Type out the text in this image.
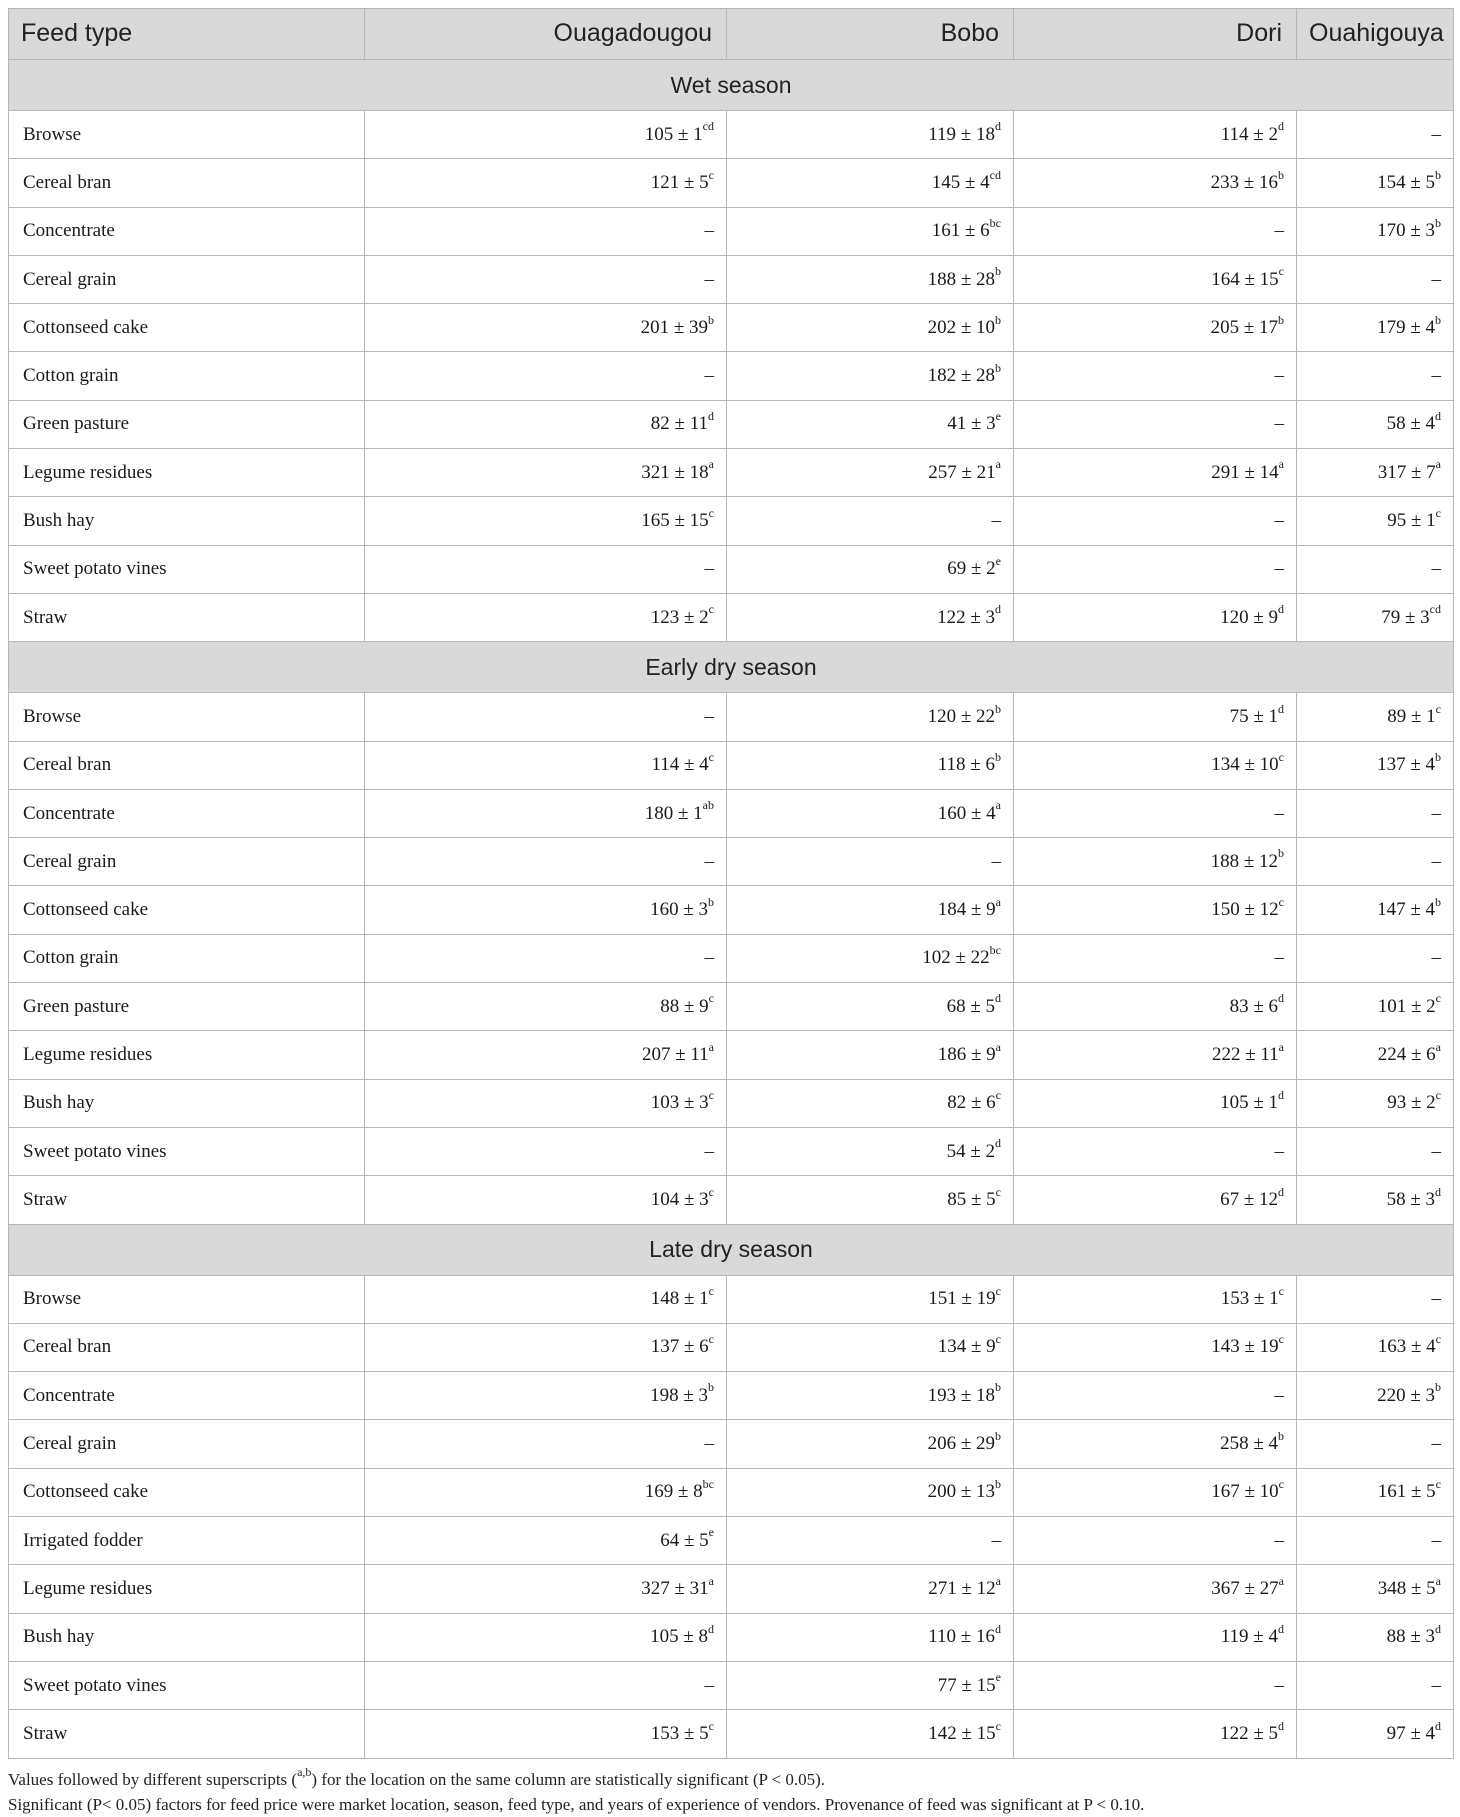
Feed type	Ouagadougou	Bobo	Dori	Ouahigouya
Wet season				
Browse	$105 \pm 1^{cd}$	$119 \pm 18^d$	$114 \pm 2^d$	–
Cereal bran	$121 \pm 5^c$	$145 \pm 4^{cd}$	$233 \pm 16^b$	$154 \pm 5^b$
Concentrate	–	$161 \pm 6^{bc}$	–	$170 \pm 3^b$
Cereal grain	–	$188 \pm 28^b$	$164 \pm 15^c$	–
Cottonseed cake	$201 \pm 39^b$	$202 \pm 10^b$	$205 \pm 17^b$	$179 \pm 4^b$
Cotton grain	–	$182 \pm 28^b$	–	–
Green pasture	$82 \pm 11^d$	$41 \pm 3^e$	–	$58 \pm 4^d$
Legume residues	$321 \pm 18^a$	$257 \pm 21^a$	$291 \pm 14^a$	$317 \pm 7^a$
Bush hay	$165 \pm 15^c$	–	–	$95 \pm 1^c$
Sweet potato vines	–	$69 \pm 2^e$	–	–
Straw	$123 \pm 2^c$	$122 \pm 3^d$	$120 \pm 9^d$	$79 \pm 3^{cd}$
Early dry season				
Browse	–	$120 \pm 22^b$	$75 \pm 1^d$	$89 \pm 1^c$
Cereal bran	$114 \pm 4^c$	$118 \pm 6^b$	$134 \pm 10^c$	$137 \pm 4^b$
Concentrate	$180 \pm 1^{ab}$	$160 \pm 4^a$	–	–
Cereal grain	–	–	$188 \pm 12^b$	–
Cottonseed cake	$160 \pm 3^b$	$184 \pm 9^a$	$150 \pm 12^c$	$147 \pm 4^b$
Cotton grain	–	$102 \pm 22^{bc}$	–	–
Green pasture	$88 \pm 9^c$	$68 \pm 5^d$	$83 \pm 6^d$	$101 \pm 2^c$
Legume residues	$207 \pm 11^a$	$186 \pm 9^a$	$222 \pm 11^a$	$224 \pm 6^a$
Bush hay	$103 \pm 3^c$	$82 \pm 6^c$	$105 \pm 1^d$	$93 \pm 2^c$
Sweet potato vines	–	$54 \pm 2^d$	–	–
Straw	$104 \pm 3^c$	$85 \pm 5^c$	$67 \pm 12^d$	$58 \pm 3^d$
Late dry season				
Browse	$148 \pm 1^c$	$151 \pm 19^c$	$153 \pm 1^c$	–
Cereal bran	$137 \pm 6^c$	$134 \pm 9^c$	$143 \pm 19^c$	$163 \pm 4^c$
Concentrate	$198 \pm 3^b$	$193 \pm 18^b$	–	$220 \pm 3^b$
Cereal grain	–	$206 \pm 29^b$	$258 \pm 4^b$	–
Cottonseed cake	$169 \pm 8^{bc}$	$200 \pm 13^b$	$167 \pm 10^c$	$161 \pm 5^c$
Irrigated fodder	$64 \pm 5^e$	–	–	–
Legume residues	$327 \pm 31^a$	$271 \pm 12^a$	$367 \pm 27^a$	$348 \pm 5^a$
Bush hay	$105 \pm 8^d$	$110 \pm 16^d$	$119 \pm 4^d$	$88 \pm 3^d$
Sweet potato vines	–	$77 \pm 15^e$	–	–
Straw	$153 \pm 5^c$	$142 \pm 15^c$	$122 \pm 5^d$	$97 \pm 4^d$

Values followed by different superscripts ($^{a,b}$) for the location on the same column are statistically significant (P < 0.05).

Significant (P< 0.05) factors for feed price were market location, season, feed type, and years of experience of vendors. Provenance of feed was significant at P < 0.10.
